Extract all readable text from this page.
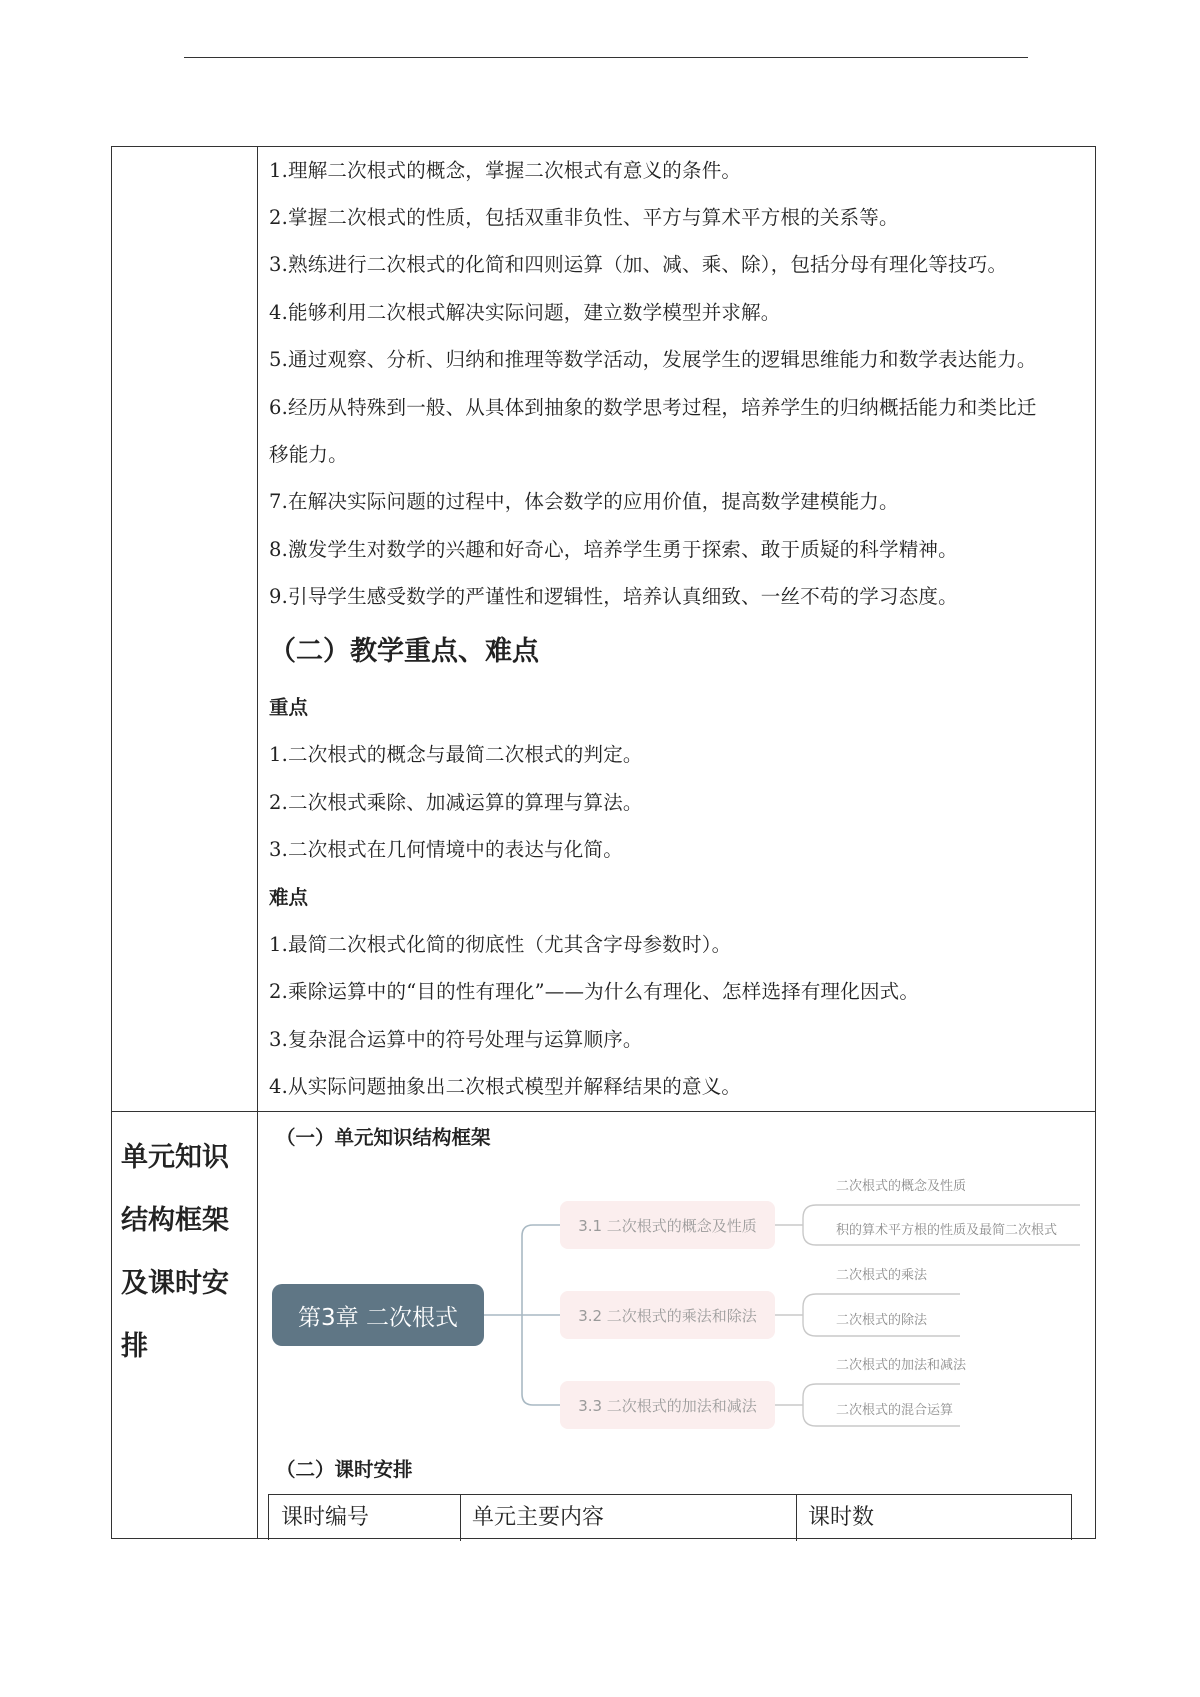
1.理解二次根式的概念，掌握二次根式有意义的条件。
2.掌握二次根式的性质，包括双重非负性、平方与算术平方根的关系等。
3.熟练进行二次根式的化简和四则运算（加、减、乘、除），包括分母有理化等技巧。
4.能够利用二次根式解决实际问题，建立数学模型并求解。
5.通过观察、分析、归纳和推理等数学活动，发展学生的逻辑思维能力和数学表达能力。
6.经历从特殊到一般、从具体到抽象的数学思考过程，培养学生的归纳概括能力和类比迁
移能力。
7.在解决实际问题的过程中，体会数学的应用价值，提高数学建模能力。
8.激发学生对数学的兴趣和好奇心，培养学生勇于探索、敢于质疑的科学精神。
9.引导学生感受数学的严谨性和逻辑性，培养认真细致、一丝不苟的学习态度。
（二）教学重点、难点
重点
1.二次根式的概念与最简二次根式的判定。
2.二次根式乘除、加减运算的算理与算法。
3.二次根式在几何情境中的表达与化简。
难点
1.最简二次根式化简的彻底性（尤其含字母参数时）。
2.乘除运算中的“目的性有理化”——为什么有理化、怎样选择有理化因式。
3.复杂混合运算中的符号处理与运算顺序。
4.从实际问题抽象出二次根式模型并解释结果的意义。
单元知识
结构框架
及课时安
排
（一）单元知识结构框架
第3章 二次根式
3.1 二次根式的概念及性质
3.2 二次根式的乘法和除法
3.3 二次根式的加法和减法
二次根式的概念及性质
积的算术平方根的性质及最简二次根式
二次根式的乘法
二次根式的除法
二次根式的加法和减法
二次根式的混合运算
（二）课时安排
课时编号	单元主要内容	课时数
